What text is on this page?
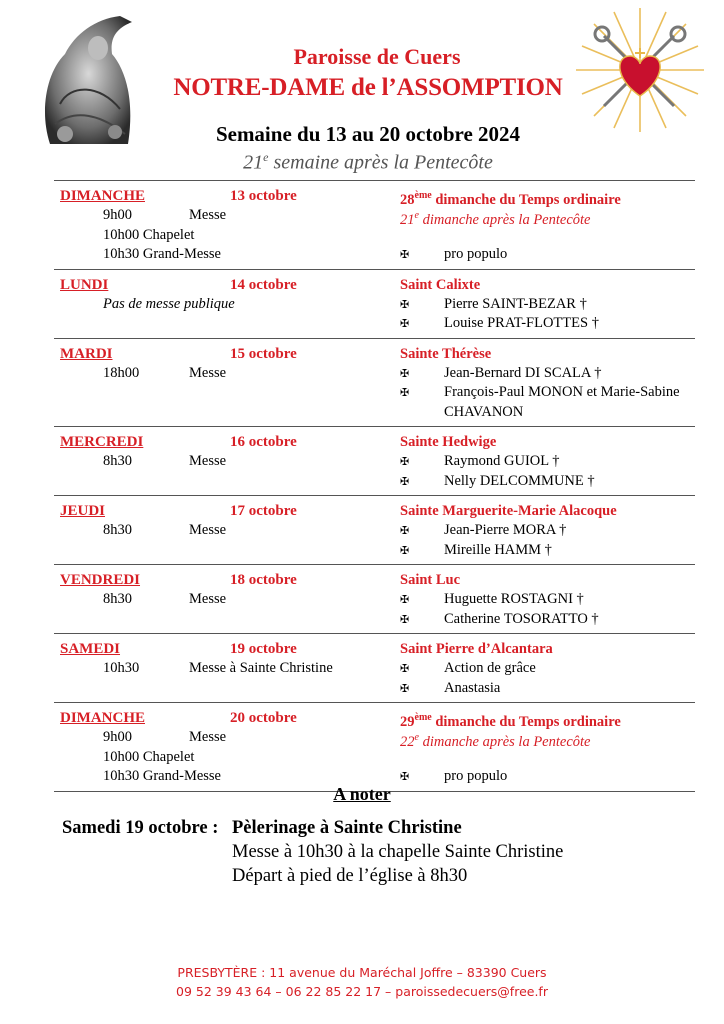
Paroisse de Cuers
NOTRE-DAME de l’ASSOMPTION
Semaine du 13 au 20 octobre 2024
21e semaine après la Pentecôte
DIMANCHE	13 octobre
9h00	Messe
10h00 Chapelet
10h30 Grand-Messe
28ème dimanche du Temps ordinaire
21e dimanche après la Pentecôte
✠	pro populo
LUNDI	14 octobre
Pas de messe publique
Saint Calixte
✠	Pierre SAINT-BEZAR †
✠	Louise PRAT-FLOTTES †
MARDI	15 octobre
18h00	Messe
Sainte Thérèse
✠	Jean-Bernard DI SCALA †
✠	François-Paul MONON et Marie-Sabine CHAVANON
MERCREDI	16 octobre
8h30	Messe
Sainte Hedwige
✠	Raymond GUIOL †
✠	Nelly DELCOMMUNE †
JEUDI	17 octobre
8h30	Messe
Sainte Marguerite-Marie Alacoque
✠	Jean-Pierre MORA †
✠	Mireille HAMM †
VENDREDI	18 octobre
8h30	Messe
Saint Luc
✠	Huguette ROSTAGNI †
✠	Catherine TOSORATTO †
SAMEDI	19 octobre
10h30	Messe à Sainte Christine
Saint Pierre d’Alcantara
✠	Action de grâce
✠	Anastasia
DIMANCHE	20 octobre
9h00	Messe
10h00 Chapelet
10h30 Grand-Messe
29ème dimanche du Temps ordinaire
22e dimanche après la Pentecôte
✠	pro populo
A noter
Samedi 19 octobre : Pèlerinage à Sainte Christine
Messe à 10h30 à la chapelle Sainte Christine
Départ à pied de l’église à 8h30
PRESBYTÈRE : 11 avenue du Maréchal Joffre – 83390 Cuers
09 52 39 43 64 – 06 22 85 22 17 – paroissedecuers@free.fr
